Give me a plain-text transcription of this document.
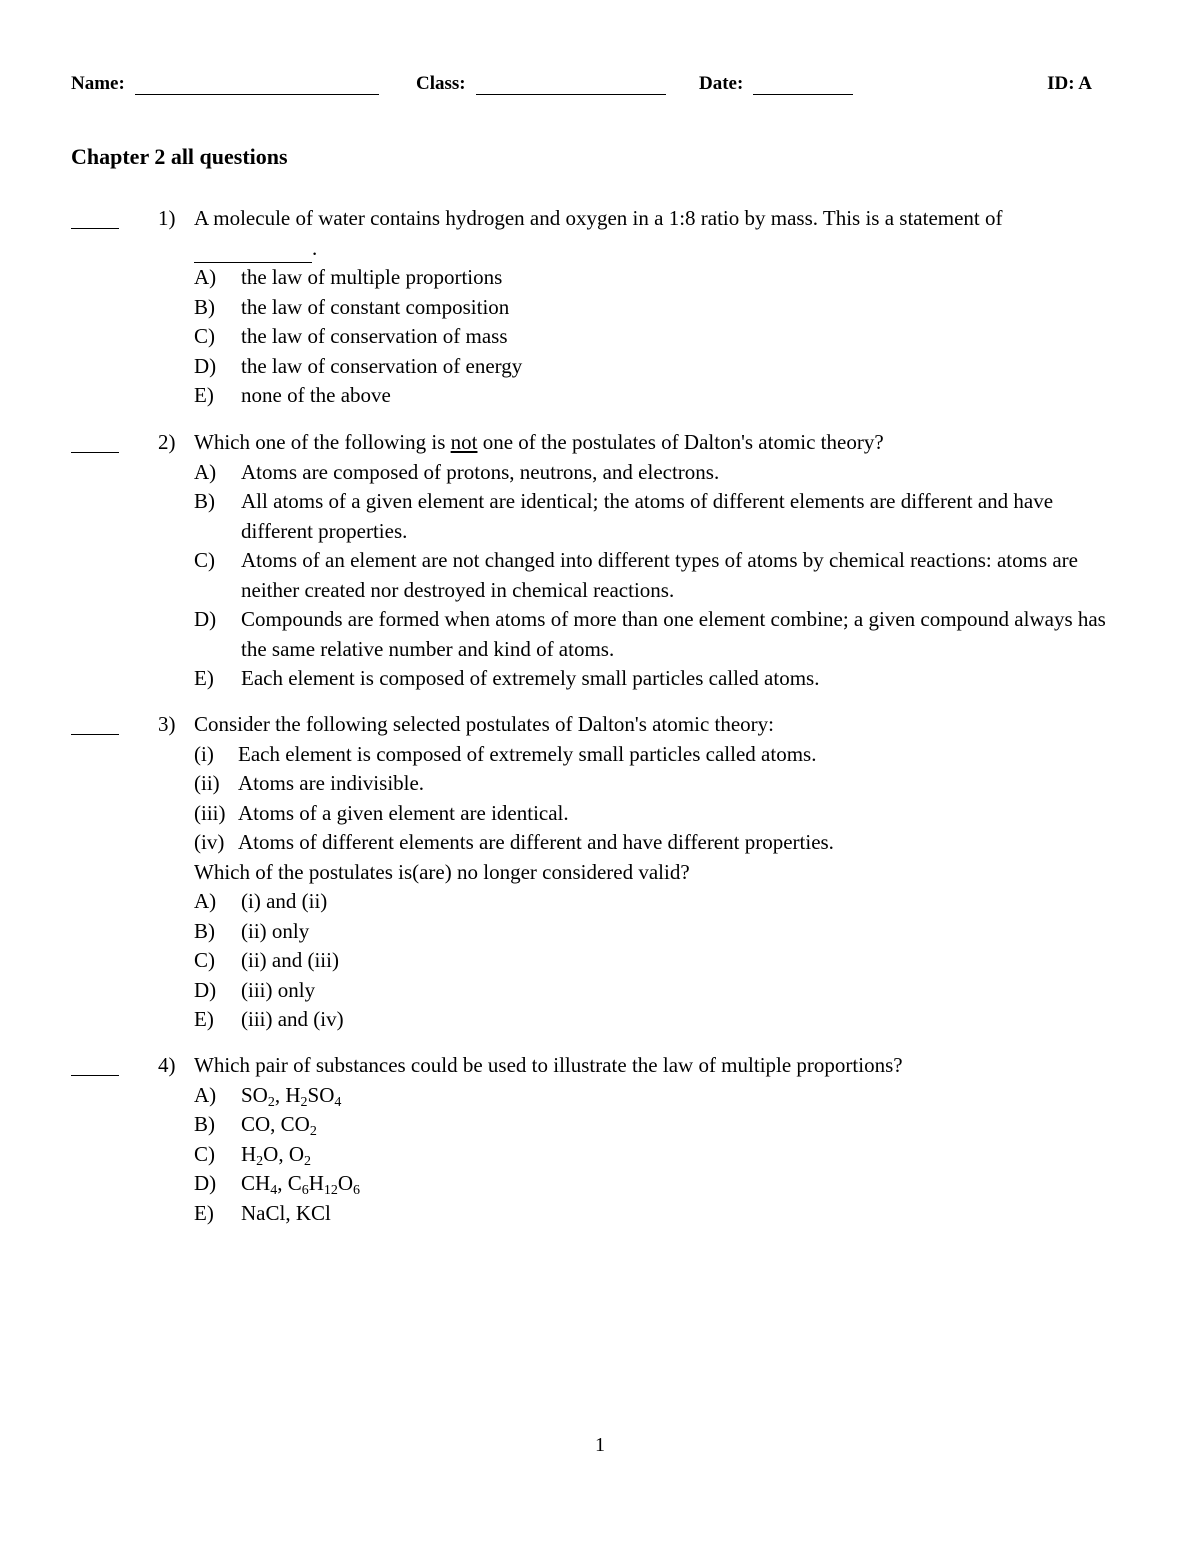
Name:	Class:	Date:	ID: A
Chapter 2 all questions
1) A molecule of water contains hydrogen and oxygen in a 1:8 ratio by mass. This is a statement of .

A) the law of multiple proportions
B) the law of constant composition
C) the law of conservation of mass
D) the law of conservation of energy
E) none of the above
2) Which one of the following is not one of the postulates of Dalton's atomic theory?

A) Atoms are composed of protons, neutrons, and electrons.
B) All atoms of a given element are identical; the atoms of different elements are different and have different properties.
C) Atoms of an element are not changed into different types of atoms by chemical reactions: atoms are neither created nor destroyed in chemical reactions.
D) Compounds are formed when atoms of more than one element combine; a given compound always has the same relative number and kind of atoms.
E) Each element is composed of extremely small particles called atoms.
3) Consider the following selected postulates of Dalton's atomic theory:

(i) Each element is composed of extremely small particles called atoms.
(ii) Atoms are indivisible.
(iii) Atoms of a given element are identical.
(iv) Atoms of different elements are different and have different properties.

Which of the postulates is(are) no longer considered valid?

A) (i) and (ii)
B) (ii) only
C) (ii) and (iii)
D) (iii) only
E) (iii) and (iv)
4) Which pair of substances could be used to illustrate the law of multiple proportions?

A) $SO_2$, $H_2SO_4$
B) CO, $CO_2$
C) $H_2O$, $O_2$
D) $CH_4$, $C_6H_{12}O_6$
E) NaCl, KCl
1
